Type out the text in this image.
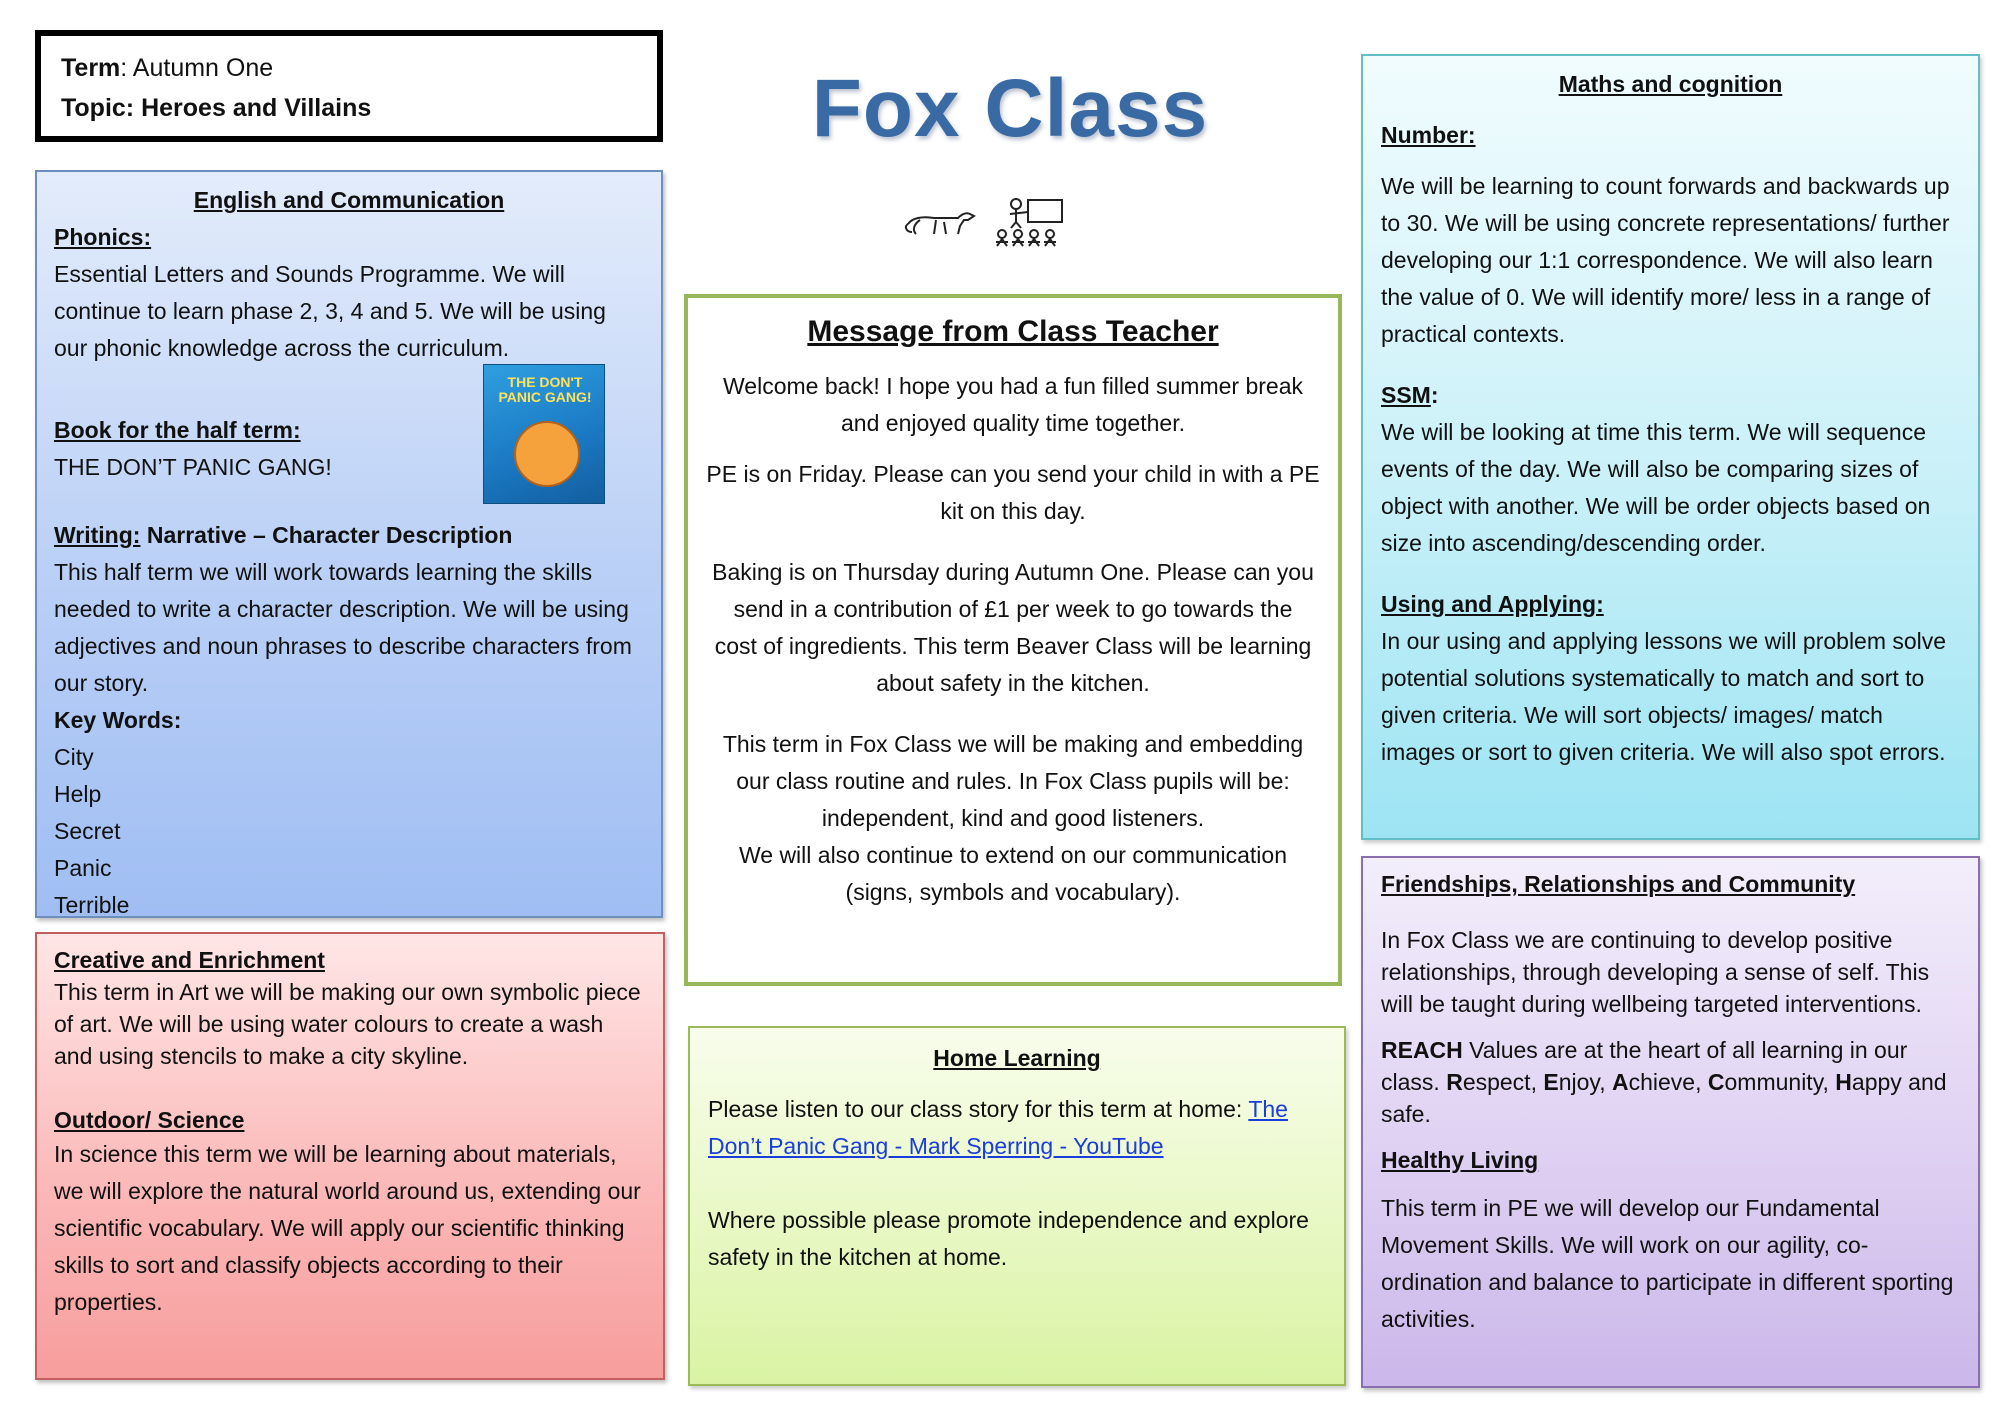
Term: Autumn One
Topic: Heroes and Villains	Fox Class
English and Communication
Phonics:
Essential Letters and Sounds Programme. We will continue to learn phase 2, 3, 4 and 5. We will be using our phonic knowledge across the curriculum.
Book for the half term:
THE DON’T PANIC GANG!
Writing: Narrative – Character Description
This half term we will work towards learning the skills needed to write a character description. We will be using adjectives and noun phrases to describe characters from our story.
Key Words:
City
Help
Secret
Panic
Terrible
THE DON'T PANIC GANG!
Creative and Enrichment
This term in Art we will be making our own symbolic piece of art. We will be using water colours to create a wash and using stencils to make a city skyline.
Outdoor/ Science
In science this term we will be learning about materials, we will explore the natural world around us, extending our scientific vocabulary. We will apply our scientific thinking skills to sort and classify objects according to their properties.
Message from Class Teacher
Welcome back! I hope you had a fun filled summer break and enjoyed quality time together.
PE is on Friday. Please can you send your child in with a PE kit on this day.
Baking is on Thursday during Autumn One. Please can you send in a contribution of £1 per week to go towards the cost of ingredients. This term Beaver Class will be learning about safety in the kitchen.
This term in Fox Class we will be making and embedding our class routine and rules. In Fox Class pupils will be: independent, kind and good listeners.
We will also continue to extend on our communication (signs, symbols and vocabulary).
Home Learning
Please listen to our class story for this term at home: The Don’t Panic Gang - Mark Sperring - YouTube
Where possible please promote independence and explore safety in the kitchen at home.
Maths and cognition
Number:
We will be learning to count forwards and backwards up to 30. We will be using concrete representations/ further developing our 1:1 correspondence. We will also learn the value of 0. We will identify more/ less in a range of practical contexts.
SSM:
We will be looking at time this term. We will sequence events of the day. We will also be comparing sizes of object with another. We will be order objects based on size into ascending/descending order.
Using and Applying:
In our using and applying lessons we will problem solve potential solutions systematically to match and sort to given criteria. We will sort objects/ images/ match images or sort to given criteria. We will also spot errors.
Friendships, Relationships and Community
In Fox Class we are continuing to develop positive relationships, through developing a sense of self. This will be taught during wellbeing targeted interventions.
REACH Values are at the heart of all learning in our class. Respect, Enjoy, Achieve, Community, Happy and safe.
Healthy Living
This term in PE we will develop our Fundamental Movement Skills. We will work on our agility, co-ordination and balance to participate in different sporting activities.
